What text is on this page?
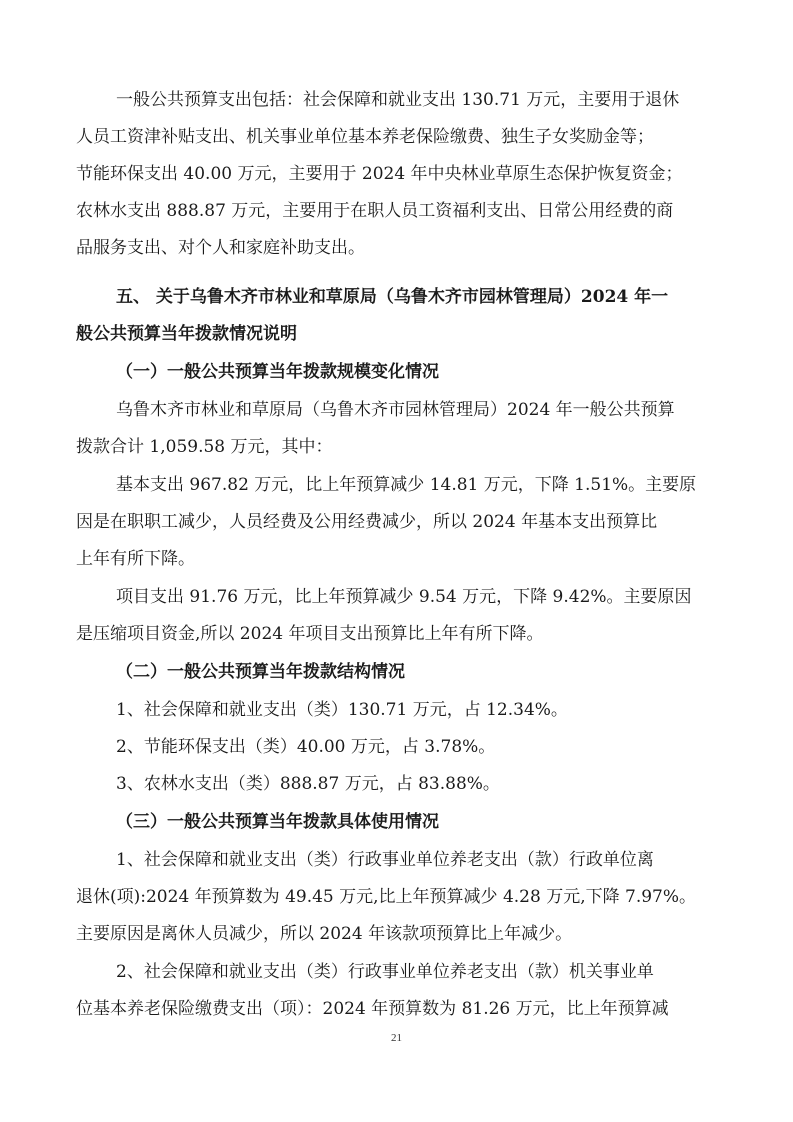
一般公共预算支出包括：社会保障和就业支出 130.71 万元，主要用于退休
人员工资津补贴支出、机关事业单位基本养老保险缴费、独生子女奖励金等；
节能环保支出 40.00 万元，主要用于 2024 年中央林业草原生态保护恢复资金；
农林水支出 888.87 万元，主要用于在职人员工资福利支出、日常公用经费的商
品服务支出、对个人和家庭补助支出。
五、 关于乌鲁木齐市林业和草原局（乌鲁木齐市园林管理局）2024 年一
般公共预算当年拨款情况说明
（一）一般公共预算当年拨款规模变化情况
乌鲁木齐市林业和草原局（乌鲁木齐市园林管理局）2024 年一般公共预算
拨款合计 1,059.58 万元，其中：
基本支出 967.82 万元，比上年预算减少 14.81 万元，下降 1.51%。主要原
因是在职职工减少，人员经费及公用经费减少，所以 2024 年基本支出预算比
上年有所下降。
项目支出 91.76 万元，比上年预算减少 9.54 万元，下降 9.42%。主要原因
是压缩项目资金,所以 2024 年项目支出预算比上年有所下降。
（二）一般公共预算当年拨款结构情况
1、社会保障和就业支出（类）130.71 万元，占 12.34%。
2、节能环保支出（类）40.00 万元，占 3.78%。
3、农林水支出（类）888.87 万元，占 83.88%。
（三）一般公共预算当年拨款具体使用情况
1、社会保障和就业支出（类）行政事业单位养老支出（款）行政单位离
退休(项):2024 年预算数为 49.45 万元,比上年预算减少 4.28 万元,下降 7.97%。
主要原因是离休人员减少，所以 2024 年该款项预算比上年减少。
2、社会保障和就业支出（类）行政事业单位养老支出（款）机关事业单
位基本养老保险缴费支出（项）：2024 年预算数为 81.26 万元，比上年预算减
21
